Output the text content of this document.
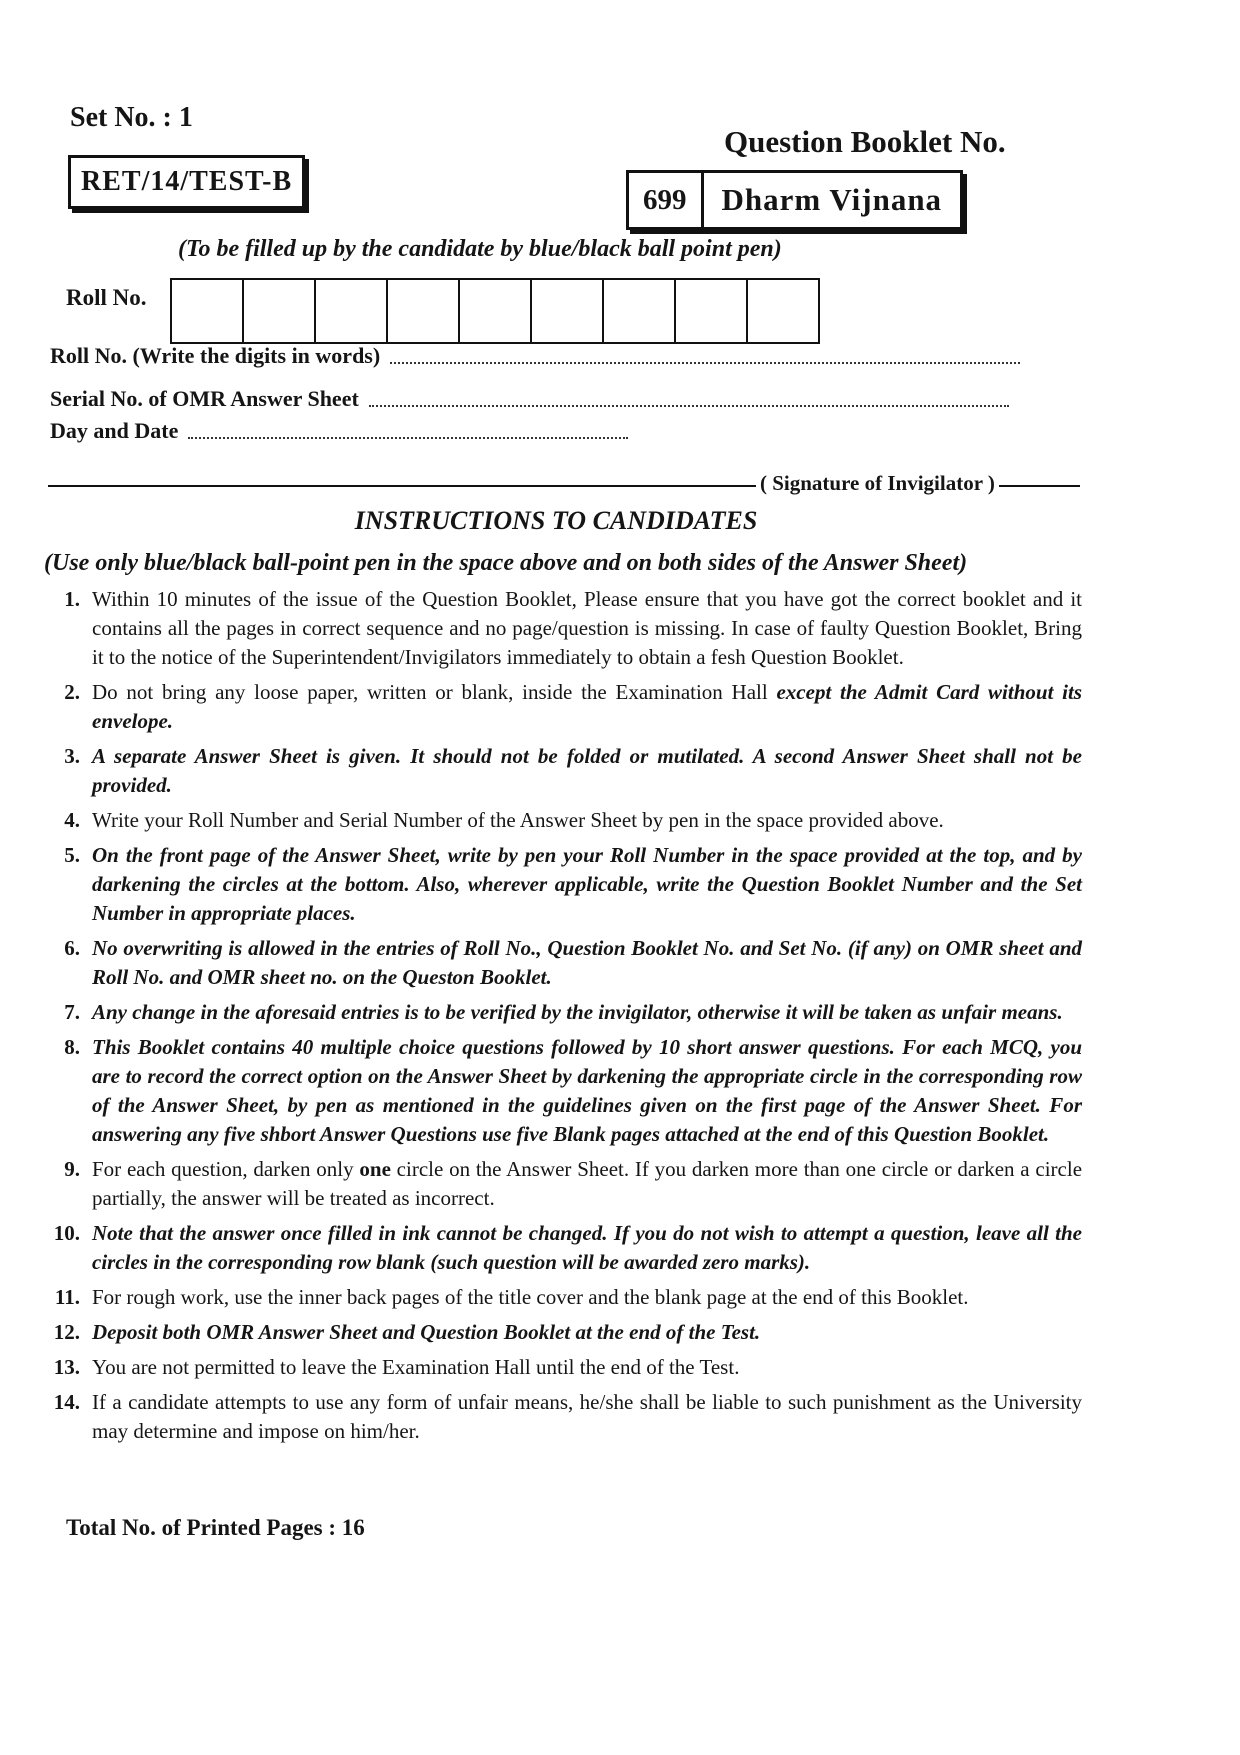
Set No. : 1
RET/14/TEST-B
Question Booklet No.
699	Dharm Vijnana
(To be filled up by the candidate by blue/black ball point pen)
Roll No.
Roll No. (Write the digits in words)
Serial No. of OMR Answer Sheet
Day and Date
( Signature of Invigilator )
INSTRUCTIONS TO CANDIDATES
(Use only blue/black ball-point pen in the space above and on both sides of the Answer Sheet)
1. Within 10 minutes of the issue of the Question Booklet, Please ensure that you have got the correct booklet and it contains all the pages in correct sequence and no page/question is missing. In case of faulty Question Booklet, Bring it to the notice of the Superintendent/Invigilators immediately to obtain a fesh Question Booklet.
2. Do not bring any loose paper, written or blank, inside the Examination Hall except the Admit Card without its envelope.
3. A separate Answer Sheet is given. It should not be folded or mutilated. A second Answer Sheet shall not be provided.
4. Write your Roll Number and Serial Number of the Answer Sheet by pen in the space provided above.
5. On the front page of the Answer Sheet, write by pen your Roll Number in the space provided at the top, and by darkening the circles at the bottom. Also, wherever applicable, write the Question Booklet Number and the Set Number in appropriate places.
6. No overwriting is allowed in the entries of Roll No., Question Booklet No. and Set No. (if any) on OMR sheet and Roll No. and OMR sheet no. on the Queston Booklet.
7. Any change in the aforesaid entries is to be verified by the invigilator, otherwise it will be taken as unfair means.
8. This Booklet contains 40 multiple choice questions followed by 10 short answer questions. For each MCQ, you are to record the correct option on the Answer Sheet by darkening the appropriate circle in the corresponding row of the Answer Sheet, by pen as mentioned in the guidelines given on the first page of the Answer Sheet. For answering any five shbort Answer Questions use five Blank pages attached at the end of this Question Booklet.
9. For each question, darken only one circle on the Answer Sheet. If you darken more than one circle or darken a circle partially, the answer will be treated as incorrect.
10. Note that the answer once filled in ink cannot be changed. If you do not wish to attempt a question, leave all the circles in the corresponding row blank (such question will be awarded zero marks).
11. For rough work, use the inner back pages of the title cover and the blank page at the end of this Booklet.
12. Deposit both OMR Answer Sheet and Question Booklet at the end of the Test.
13. You are not permitted to leave the Examination Hall until the end of the Test.
14. If a candidate attempts to use any form of unfair means, he/she shall be liable to such punishment as the University may determine and impose on him/her.
Total No. of Printed Pages : 16
